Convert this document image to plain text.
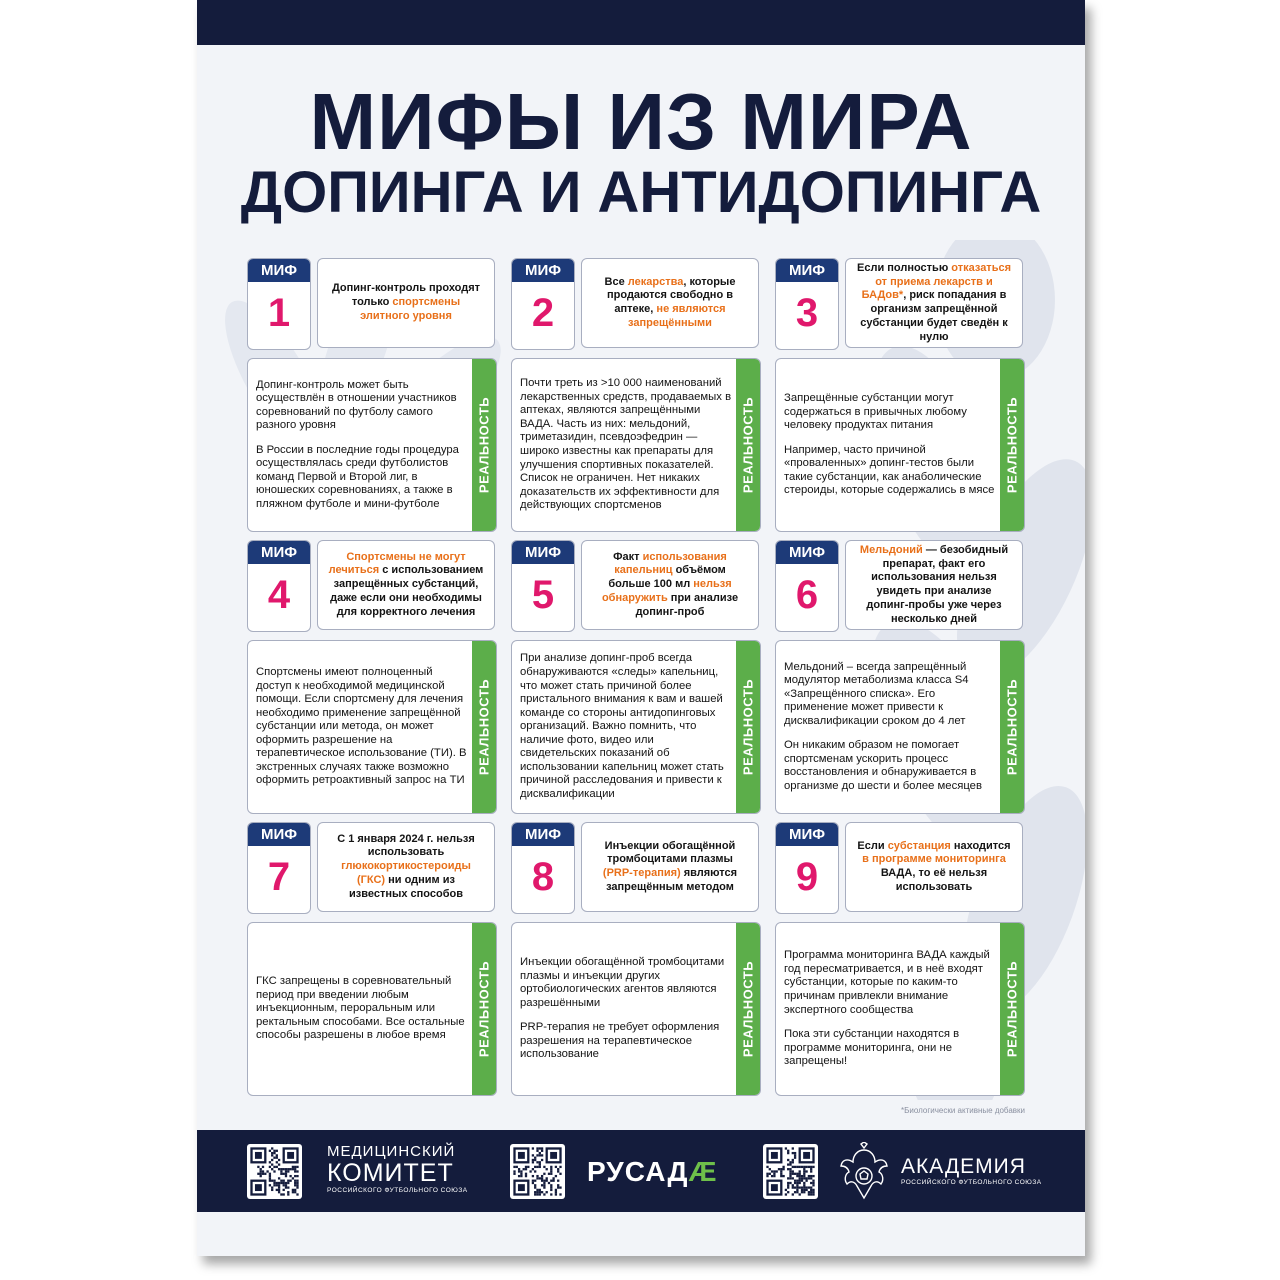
МИФЫ ИЗ МИРА
ДОПИНГА И АНТИДОПИНГА
МИФ
1

Допинг-контроль проходят только спортсмены элитного уровня

Допинг-контроль может быть осуществлён в отношении участников соревнований по футболу самого разного уровня

В России в последние годы процедура осуществлялась среди футболистов команд Первой и Второй лиг, в юношеских соревнованиях, а также в пляжном футболе и мини-футболе

РЕАЛЬНОСТЬ
МИФ
2

Все лекарства, которые продаются свободно в аптеке, не являются запрещёнными

Почти треть из >10 000 наименований лекарственных средств, продаваемых в аптеках, являются запрещёнными ВАДА. Часть из них: мельдоний, триметазидин, псевдоэфедрин — широко известны как препараты для улучшения спортивных показателей. Список не ограничен. Нет никаких доказательств их эффективности для действующих спортсменов

РЕАЛЬНОСТЬ
МИФ
3

Если полностью отказаться от приема лекарств и БАДов*, риск попадания в организм запрещённой субстанции будет сведён к нулю

Запрещённые субстанции могут содержаться в привычных любому человеку продуктах питания

Например, часто причиной «проваленных» допинг-тестов были такие субстанции, как анаболические стероиды, которые содержались в мясе РЕАЛЬНОСТЬ
МИФ
4

Спортсмены не могут лечиться с использованием запрещённых субстанций, даже если они необходимы для корректного лечения

Спортсмены имеют полноценный доступ к необходимой медицинской помощи. Если спортсмену для лечения необходимо применение запрещённой субстанции или метода, он может оформить разрешение на терапевтическое использование (ТИ). В экстренных случаях также возможно оформить ретроактивный запрос на ТИ

РЕАЛЬНОСТЬ
МИФ
5

Факт использования капельниц объёмом больше 100 мл нельзя обнаружить при анализе допинг-проб

При анализе допинг-проб всегда обнаруживаются «следы» капельниц, что может стать причиной более пристального внимания к вам и вашей команде со стороны антидопинговых организаций. Важно помнить, что наличие фото, видео или свидетельских показаний об использовании капельниц может стать причиной расследования и привести к дисквалификации

РЕАЛЬНОСТЬ
МИФ
6

Мельдоний — безобидный препарат, факт его использования нельзя увидеть при анализе допинг-пробы уже через несколько дней

Мельдоний – всегда запрещённый модулятор метаболизма класса S4 «Запрещённого списка». Его применение может привести к дисквалификации сроком до 4 лет

Он никаким образом не помогает спортсменам ускорить процесс восстановления и обнаруживается в организме до шести и более месяцев

РЕАЛЬНОСТЬ
МИФ
7

С 1 января 2024 г. нельзя использовать глюкокортикостероиды (ГКС) ни одним из известных способов

ГКС запрещены в соревновательный период при введении любым инъекционным, пероральным или ректальным способами. Все остальные способы разрешены в любое время	РЕАЛЬНОСТЬ
МИФ
8

Инъекции обогащённой тромбоцитами плазмы (PRP-терапия) являются запрещённым методом

Инъекции обогащённой тромбоцитами плазмы и инъекции других ортобиологических агентов являются разрешёнными

PRP-терапия не требует оформления разрешения на терапевтическое использование	РЕАЛЬНОСТЬ
МИФ
9

Если субстанция находится в программе мониторинга ВАДА, то её нельзя использовать

Программа мониторинга ВАДА каждый год пересматривается, и в неё входят субстанции, которые по каким-то причинам привлекли внимание экспертного сообщества

Пока эти субстанции находятся в программе мониторинга, они не запрещены!

РЕАЛЬНОСТЬ
*Биологически активные добавки
МЕДИЦИНСКИЙ
КОМИТЕТ
РОССИЙСКОГО ФУТБОЛЬНОГО СОЮЗА
РУСАДÆ	АКАДЕМИЯ
РОССИЙСКОГО ФУТБОЛЬНОГО СОЮЗА
